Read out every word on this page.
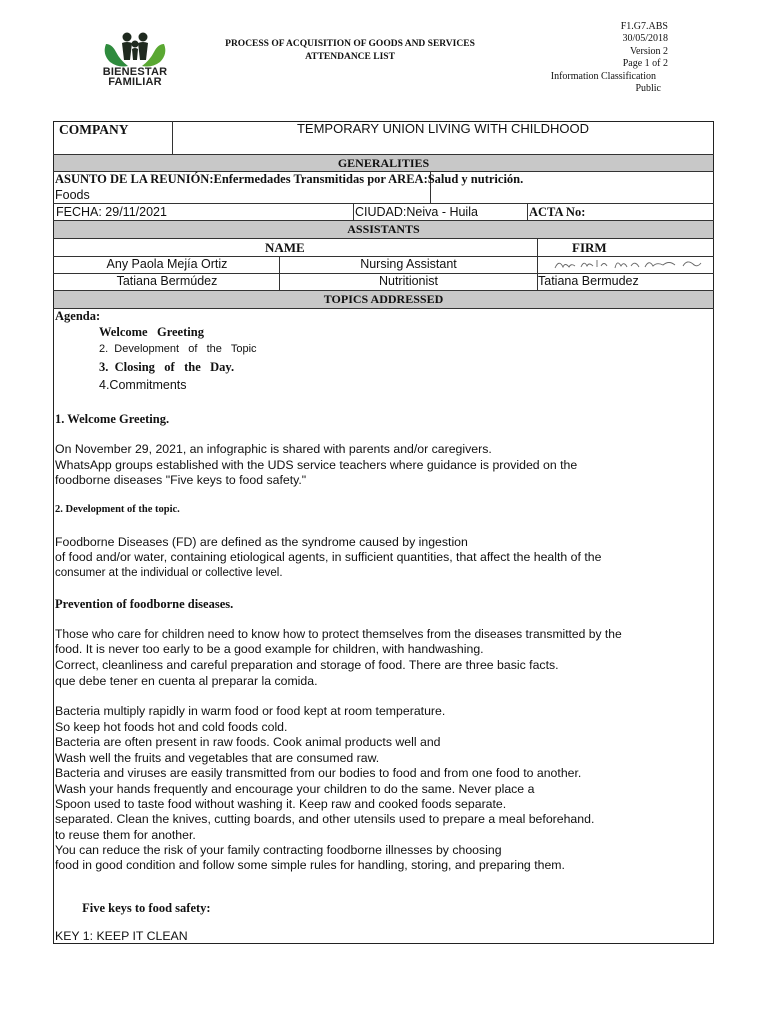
BIENESTAR
FAMILIAR
PROCESS OF ACQUISITION OF GOODS AND SERVICES
ATTENDANCE LIST
F1.G7.ABS
30/05/2018
Version 2
Page 1 of 2
Information Classification
Public
COMPANY	TEMPORARY UNION LIVING WITH CHILDHOOD
GENERALITIES
ASUNTO DE LA REUNIÓN:Enfermedades Transmitidas por AREA:Salud y nutrición.
Foods
FECHA: 29/11/2021	CIUDAD:Neiva - Huila	ACTA No:
ASSISTANTS
NAME	FIRM
Any Paola Mejía Ortiz	Nursing Assistant
Tatiana Bermúdez	Nutritionist	Tatiana Bermudez
TOPICS ADDRESSED
Agenda:
Welcome   Greeting
2.  Development   of   the   Topic
3.  Closing   of   the   Day.
4.Commitments
1. Welcome Greeting.
On November 29, 2021, an infographic is shared with parents and/or caregivers.
WhatsApp groups established with the UDS service teachers where guidance is provided on the
foodborne diseases "Five keys to food safety."
2. Development of the topic.
Foodborne Diseases (FD) are defined as the syndrome caused by ingestion
of food and/or water, containing etiological agents, in sufficient quantities, that affect the health of the
consumer at the individual or collective level.
Prevention of foodborne diseases.
Those who care for children need to know how to protect themselves from the diseases transmitted by the
food. It is never too early to be a good example for children, with handwashing.
Correct, cleanliness and careful preparation and storage of food. There are three basic facts.
que debe tener en cuenta al preparar la comida.
Bacteria multiply rapidly in warm food or food kept at room temperature.
So keep hot foods hot and cold foods cold.
Bacteria are often present in raw foods. Cook animal products well and
Wash well the fruits and vegetables that are consumed raw.
Bacteria and viruses are easily transmitted from our bodies to food and from one food to another.
Wash your hands frequently and encourage your children to do the same. Never place a
Spoon used to taste food without washing it. Keep raw and cooked foods separate.
separated. Clean the knives, cutting boards, and other utensils used to prepare a meal beforehand.
to reuse them for another.
You can reduce the risk of your family contracting foodborne illnesses by choosing
food in good condition and follow some simple rules for handling, storing, and preparing them.
Five keys to food safety:
KEY 1: KEEP IT CLEAN
